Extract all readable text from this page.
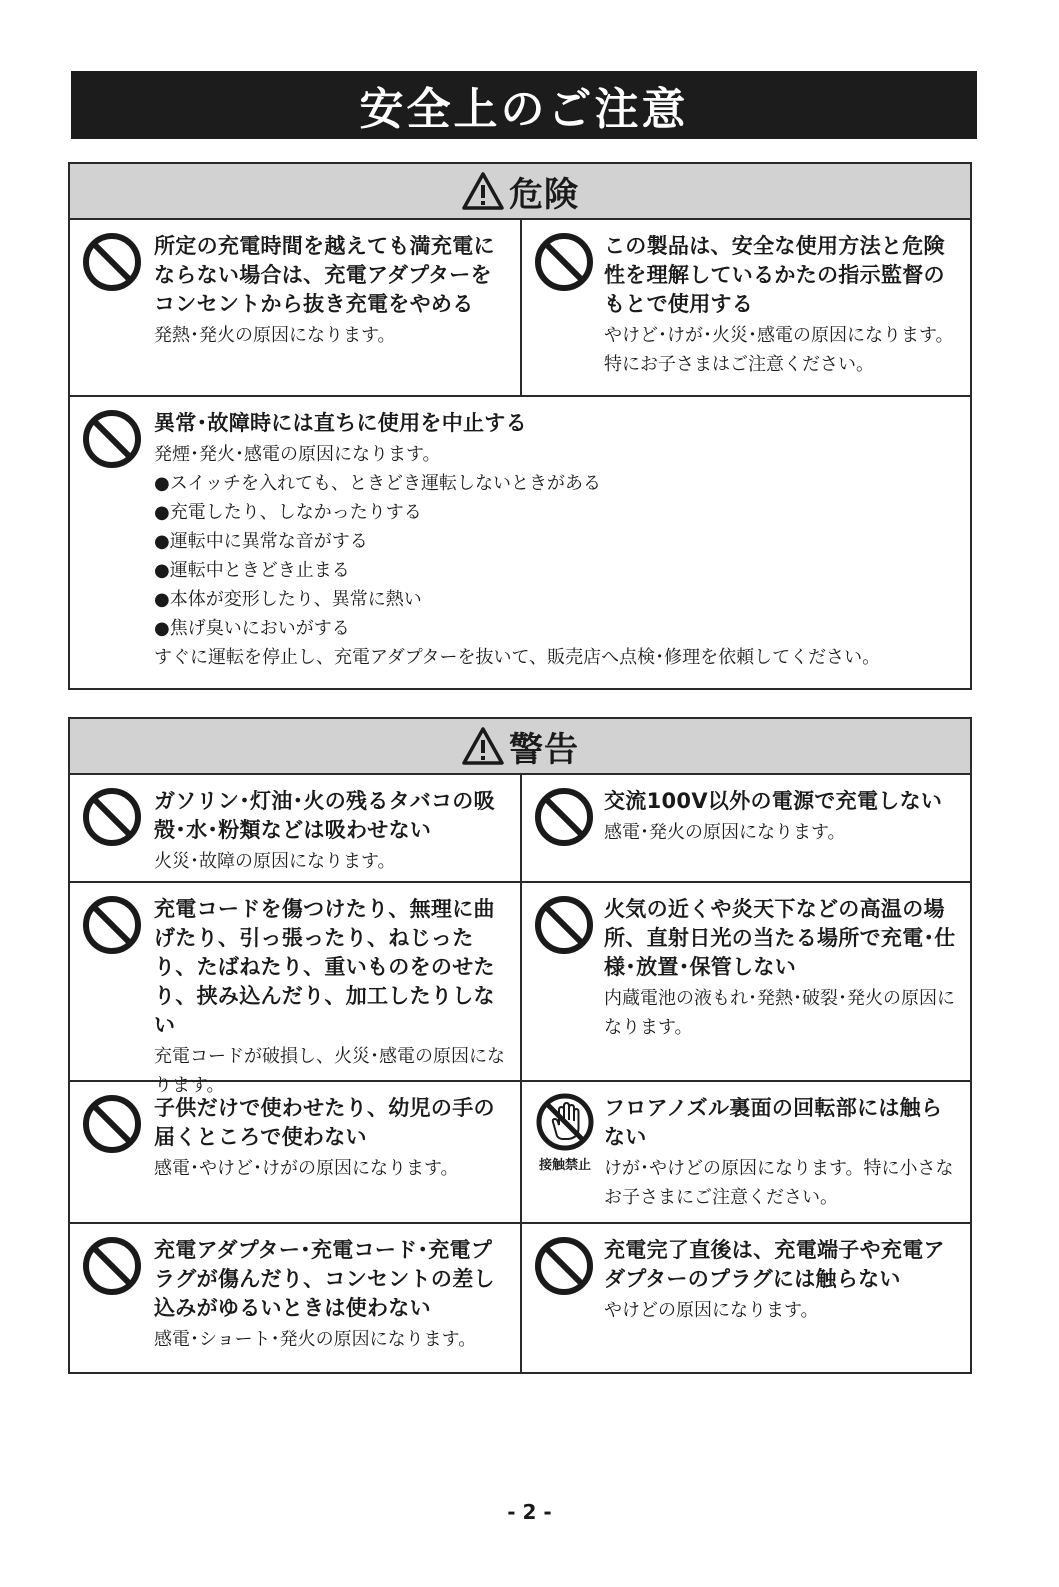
安全上のご注意
危険

所定の充電時間を越えても満充電にならない場合は、充電アダプターをコンセントから抜き充電をやめる

発熱･発火の原因になります。

この製品は、安全な使用方法と危険性を理解しているかたの指示監督のもとで使用する

やけど･けが･火災･感電の原因になります。特にお子さまはご注意ください。

異常･故障時には直ちに使用を中止する

発煙･発火･感電の原因になります。

● スイッチを入れても、ときどき運転しないときがある
● 充電したり、しなかったりする
● 運転中に異常な音がする
● 運転中ときどき止まる
● 本体が変形したり、異常に熱い
● 焦げ臭いにおいがする

すぐに運転を停止し、充電アダプターを抜いて、販売店へ点検･修理を依頼してください。

警告

ガソリン･灯油･火の残るタバコの吸殻･水･粉類などは吸わせない

火災･故障の原因になります。

交流100V以外の電源で充電しない

感電･発火の原因になります。

充電コードを傷つけたり、無理に曲げたり、引っ張ったり、ねじったり、たばねたり、重いものをのせたり、挟み込んだり、加工したりしない

充電コードが破損し、火災･感電の原因になります。

火気の近くや炎天下などの高温の場所、直射日光の当たる場所で充電･仕様･放置･保管しない

内蔵電池の液もれ･発熱･破裂･発火の原因になります。

子供だけで使わせたり、幼児の手の届くところで使わない

感電･やけど･けがの原因になります。	接触禁止

フロアノズル裏面の回転部には触らない

けが･やけどの原因になります。特に小さなお子さまにご注意ください。

充電アダプター･充電コード･充電プラグが傷んだり、コンセントの差し込みがゆるいときは使わない

感電･ショート･発火の原因になります。

充電完了直後は、充電端子や充電アダプターのプラグには触らない

やけどの原因になります。

- 2 -
